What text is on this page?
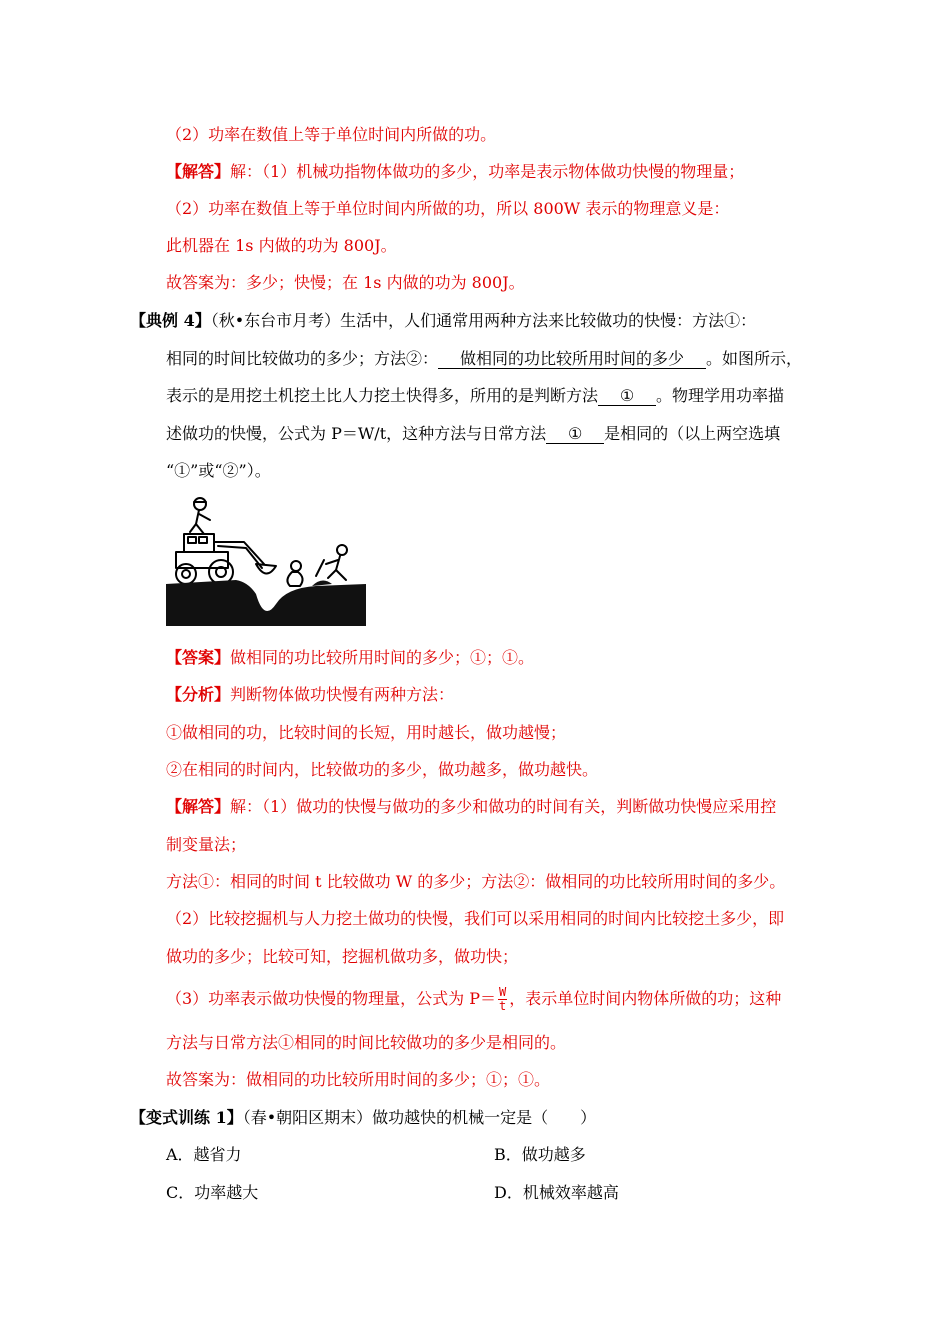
（2）功率在数值上等于单位时间内所做的功。
【解答】解：（1）机械功指物体做功的多少，功率是表示物体做功快慢的物理量；
（2）功率在数值上等于单位时间内所做的功，所以 800W 表示的物理意义是：
此机器在 1s 内做的功为 800J。
故答案为：多少；快慢；在 1s 内做的功为 800J。
【典例 4】（秋•东台市月考）生活中，人们通常用两种方法来比较做功的快慢：方法①：
相同的时间比较做功的多少；方法②： 做相同的功比较所用时间的多少 。如图所示，
表示的是用挖土机挖土比人力挖土快得多，所用的是判断方法 ① 。物理学用功率描
述做功的快慢，公式为 P＝W/t，这种方法与日常方法 ① 是相同的（以上两空选填
“①”或“②”）。
【答案】做相同的功比较所用时间的多少；①；①。
【分析】判断物体做功快慢有两种方法：
①做相同的功，比较时间的长短，用时越长，做功越慢；
②在相同的时间内，比较做功的多少，做功越多，做功越快。
【解答】解：（1）做功的快慢与做功的多少和做功的时间有关，判断做功快慢应采用控
制变量法；
方法①：相同的时间 t 比较做功 W 的多少；方法②：做相同的功比较所用时间的多少。
（2）比较挖掘机与人力挖土做功的快慢，我们可以采用相同的时间内比较挖土多少，即
做功的多少；比较可知，挖掘机做功多，做功快；
（3）功率表示做功快慢的物理量，公式为 $P= \frac{W}{t}$ ，表示单位时间内物体所做的功；这种
方法与日常方法①相同的时间比较做功的多少是相同的。
故答案为：做相同的功比较所用时间的多少；①；①。
【变式训练 1】（春•朝阳区期末）做功越快的机械一定是（　　）
A．越省力	B．做功越多
C．功率越大	D．机械效率越高
